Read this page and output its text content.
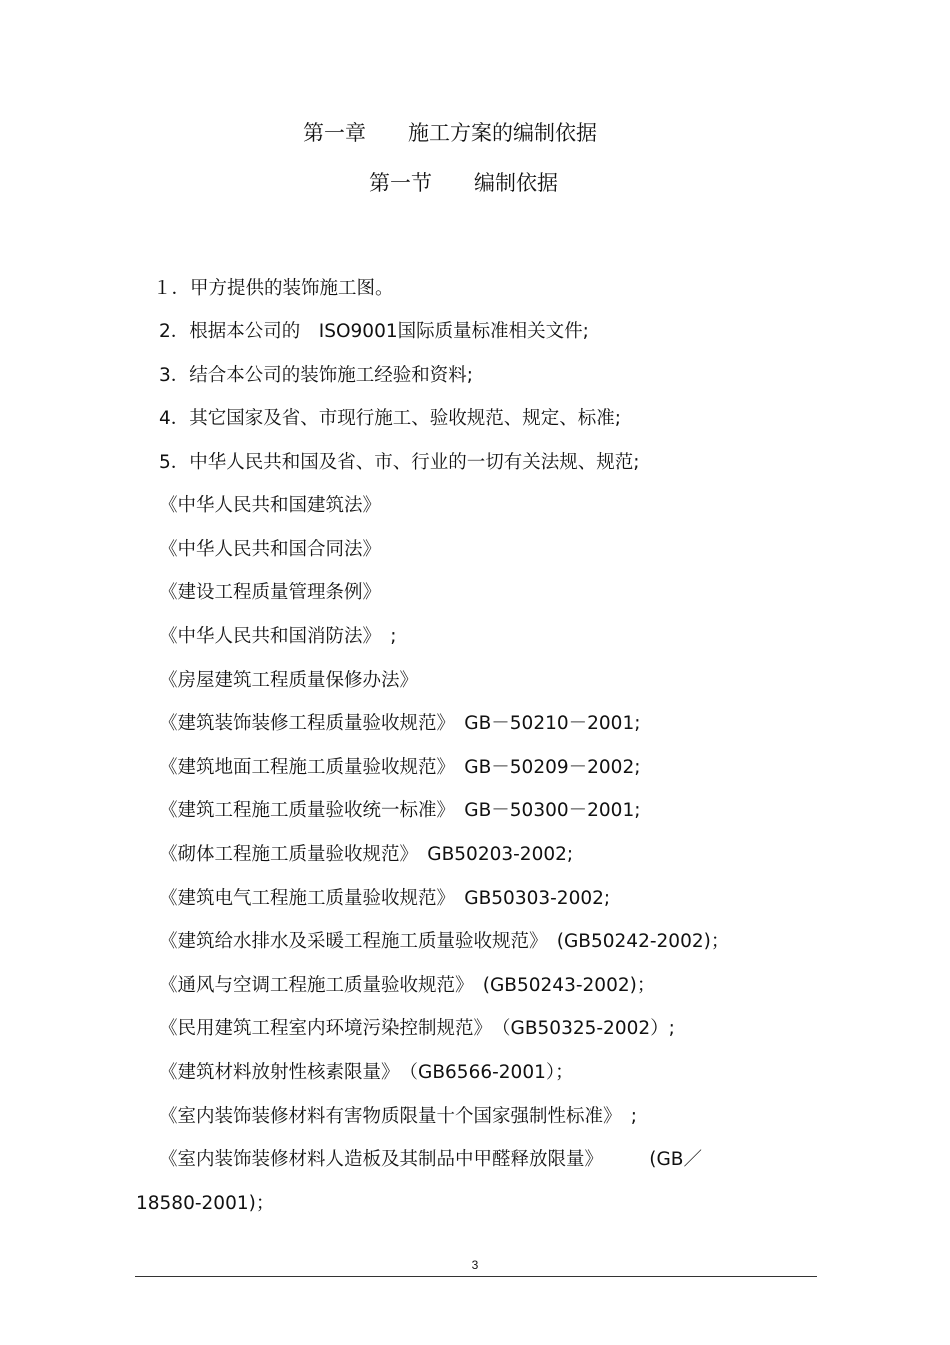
第一章　　施工方案的编制依据
第一节　　编制依据
１．甲方提供的装饰施工图。
2．根据本公司的　ISO9001国际质量标准相关文件;
3．结合本公司的装饰施工经验和资料;
4．其它国家及省、市现行施工、验收规范、规定、标准;
5．中华人民共和国及省、市、行业的一切有关法规、规范;
《中华人民共和国建筑法》
《中华人民共和国合同法》
《建设工程质量管理条例》
《中华人民共和国消防法》　;
《房屋建筑工程质量保修办法》
《建筑装饰装修工程质量验收规范》　GB－50210－2001;
《建筑地面工程施工质量验收规范》　GB－50209－2002;
《建筑工程施工质量验收统一标准》　GB－50300－2001;
《砌体工程施工质量验收规范》　GB50203-2002;
《建筑电气工程施工质量验收规范》　GB50303-2002;
《建筑给水排水及采暖工程施工质量验收规范》　(GB50242-2002)；
《通风与空调工程施工质量验收规范》　(GB50243-2002)；
《民用建筑工程室内环境污染控制规范》　（GB50325-2002）;
《建筑材料放射性核素限量》　（GB6566-2001）；
《室内装饰装修材料有害物质限量十个国家强制性标准》　;
《室内装饰装修材料人造板及其制品中甲醛释放限量》　　　(GB／
18580-2001)；
3
